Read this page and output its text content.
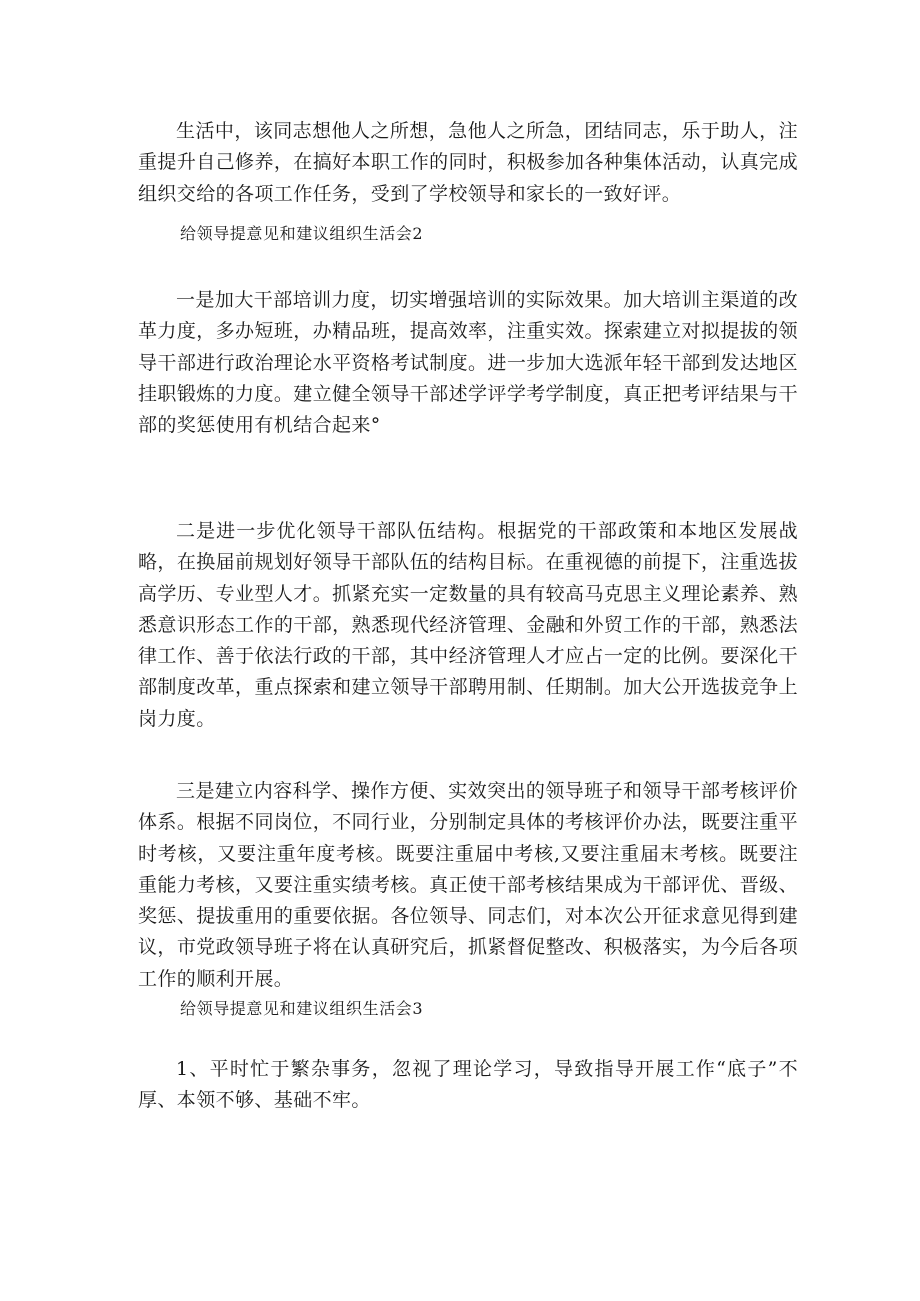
生活中，该同志想他人之所想，急他人之所急，团结同志，乐于助人，注重提升自己修养，在搞好本职工作的同时，积极参加各种集体活动，认真完成组织交给的各项工作任务，受到了学校领导和家长的一致好评。

给领导提意见和建议组织生活会2

一是加大干部培训力度，切实增强培训的实际效果。加大培训主渠道的改革力度，多办短班，办精品班，提高效率，注重实效。探索建立对拟提拔的领导干部进行政治理论水平资格考试制度。进一步加大选派年轻干部到发达地区挂职锻炼的力度。建立健全领导干部述学评学考学制度，真正把考评结果与干部的奖惩使用有机结合起来°

二是进一步优化领导干部队伍结构。根据党的干部政策和本地区发展战略，在换届前规划好领导干部队伍的结构目标。在重视德的前提下，注重选拔高学历、专业型人才。抓紧充实一定数量的具有较高马克思主义理论素养、熟悉意识形态工作的干部，熟悉现代经济管理、金融和外贸工作的干部，熟悉法律工作、善于依法行政的干部，其中经济管理人才应占一定的比例。要深化干部制度改革，重点探索和建立领导干部聘用制、任期制。加大公开选拔竞争上岗力度。

三是建立内容科学、操作方便、实效突出的领导班子和领导干部考核评价体系。根据不同岗位，不同行业，分别制定具体的考核评价办法，既要注重平时考核，又要注重年度考核。既要注重届中考核,又要注重届末考核。既要注重能力考核，又要注重实绩考核。真正使干部考核结果成为干部评优、晋级、奖惩、提拔重用的重要依据。各位领导、同志们，对本次公开征求意见得到建议，市党政领导班子将在认真研究后，抓紧督促整改、积极落实，为今后各项工作的顺利开展。

给领导提意见和建议组织生活会3

1、平时忙于繁杂事务，忽视了理论学习，导致指导开展工作“底子”不厚、本领不够、基础不牢。
